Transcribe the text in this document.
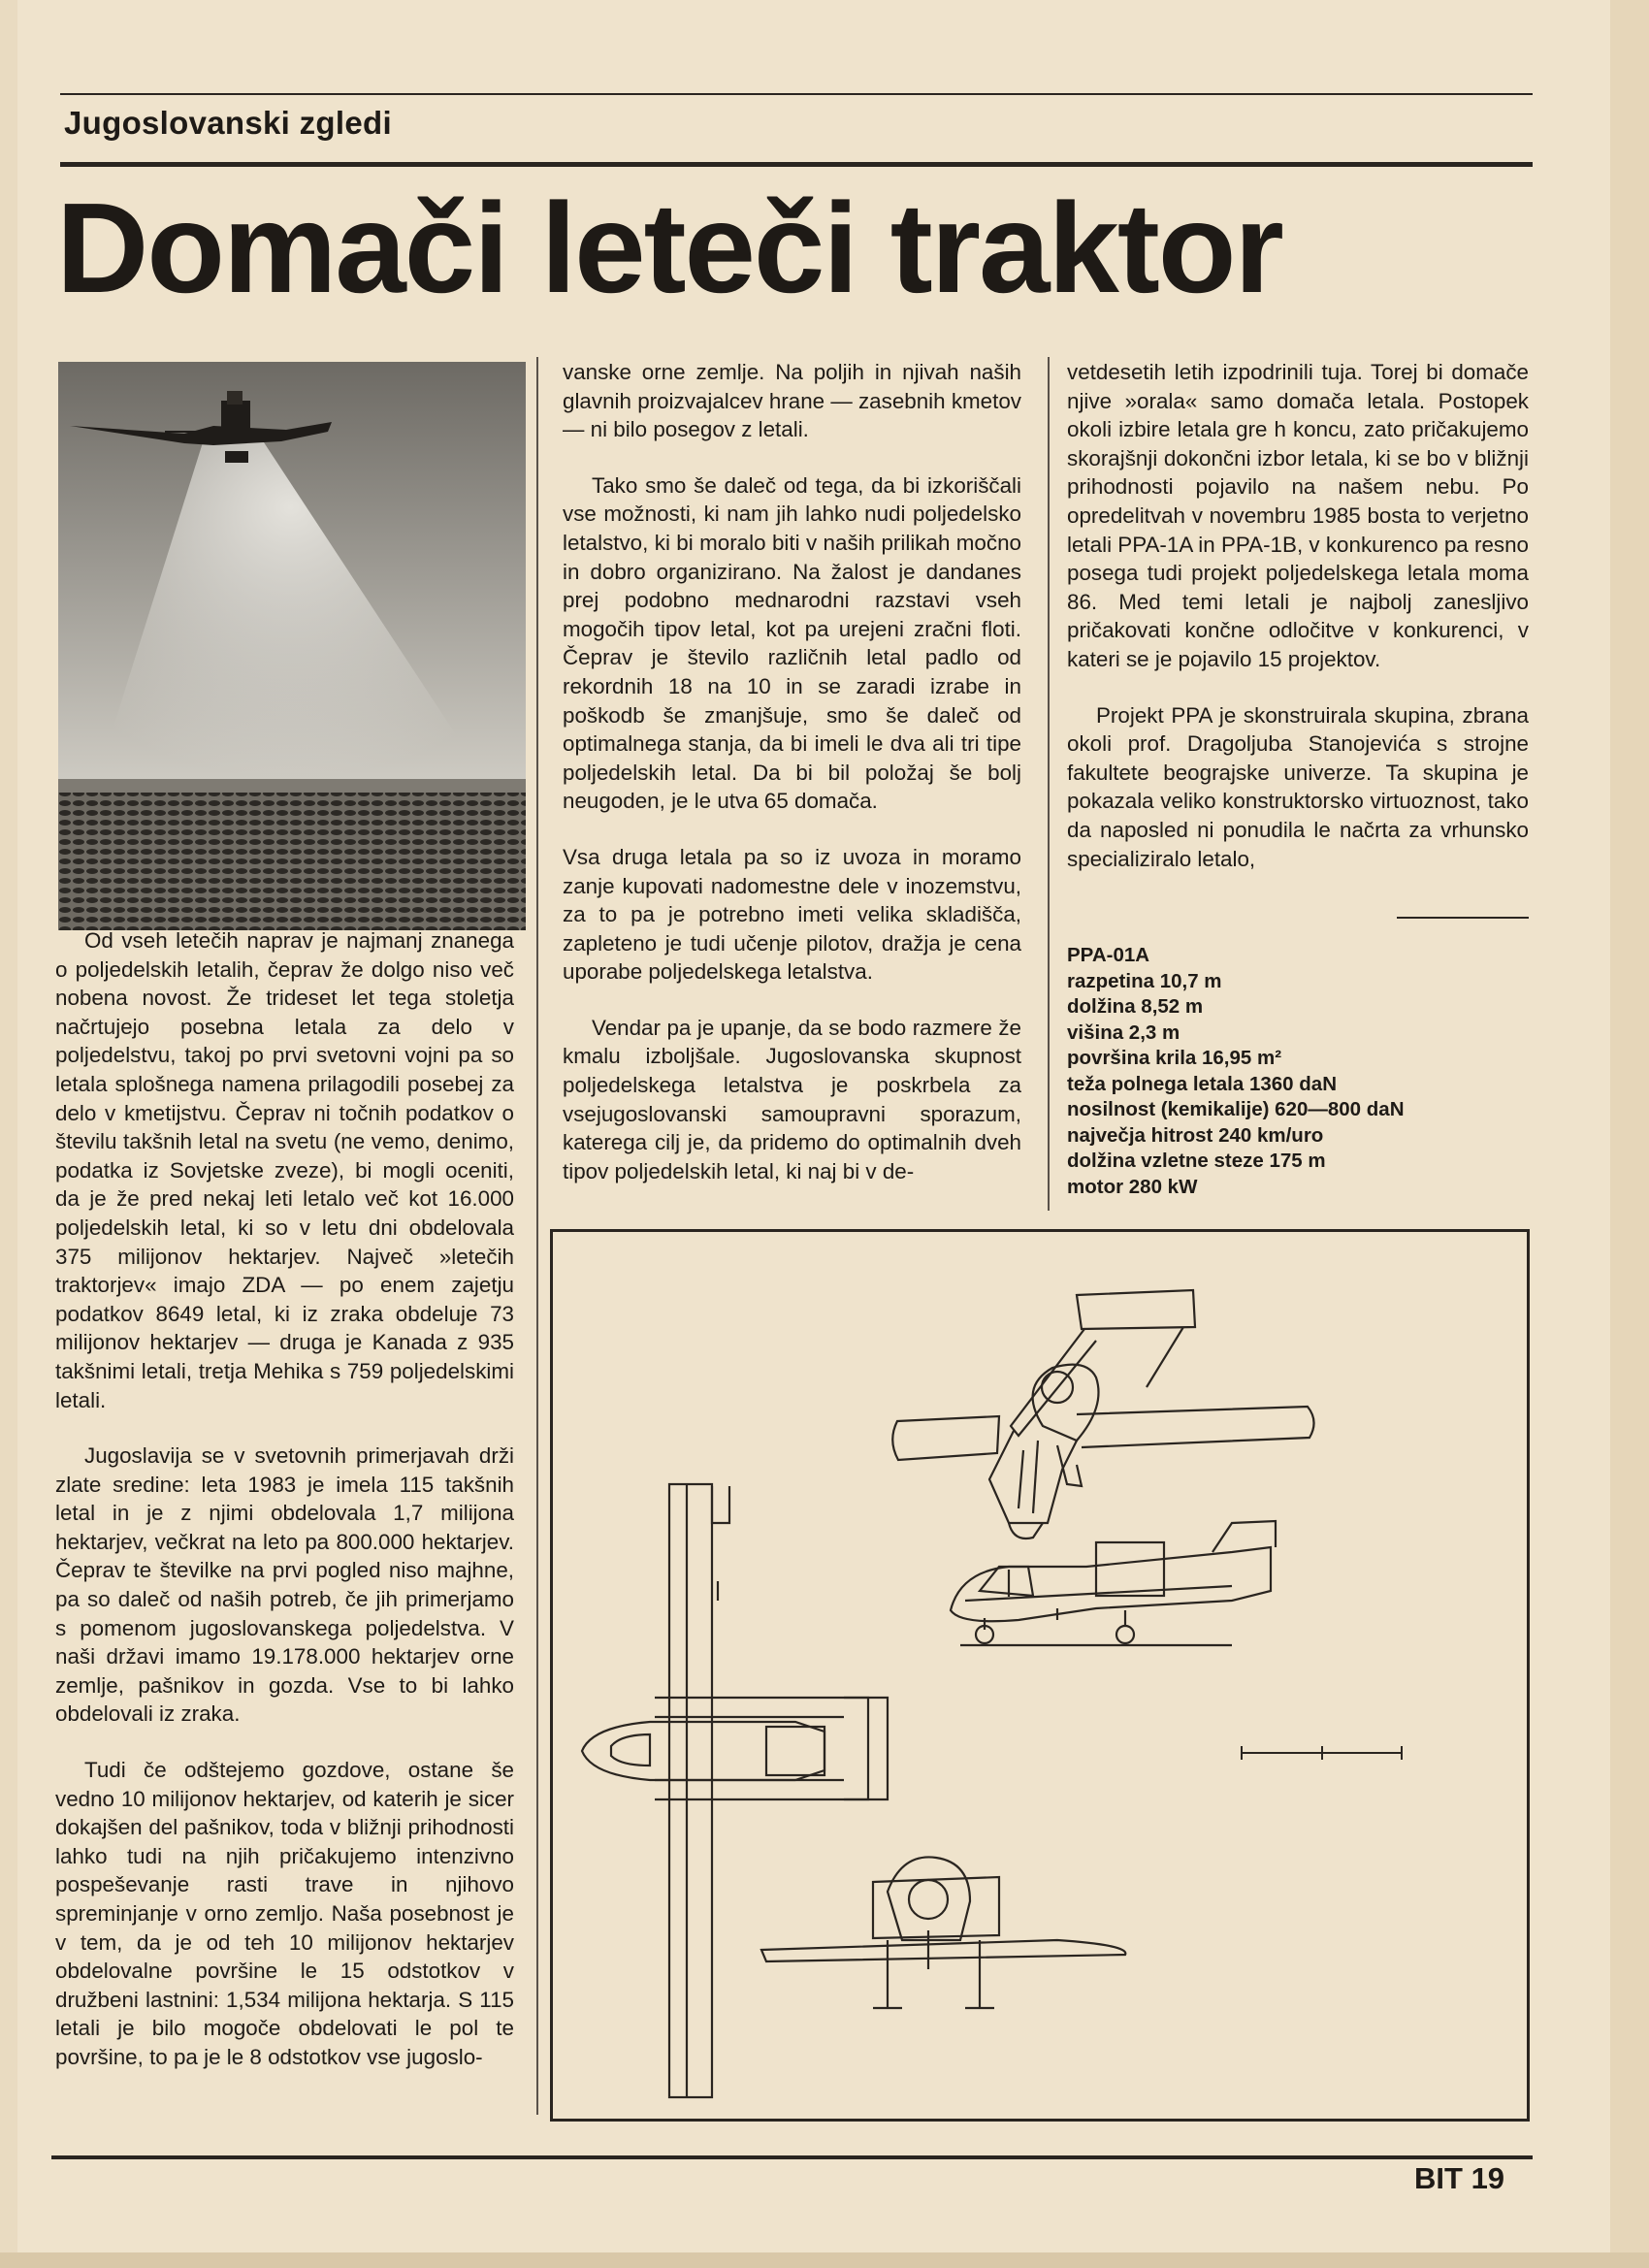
Jugoslovanski zgledi
Domači leteči traktor

Od vseh letečih naprav je najmanj znanega o poljedelskih letalih, čeprav že dolgo niso več nobena novost. Že trideset let tega stoletja načrtujejo posebna letala za delo v poljedelstvu, takoj po prvi svetovni vojni pa so letala splošnega namena prilagodili posebej za delo v kmetijstvu. Čeprav ni točnih podatkov o številu takšnih letal na svetu (ne vemo, denimo, podatka iz Sovjetske zveze), bi mogli oceniti, da je že pred nekaj leti letalo več kot 16.000 poljedelskih letal, ki so v letu dni obdelovala 375 milijonov hektarjev. Največ »letečih traktorjev« imajo ZDA — po enem zajetju podatkov 8649 letal, ki iz zraka obdeluje 73 milijonov hektarjev — druga je Kanada z 935 takšnimi letali, tretja Mehika s 759 poljedelskimi letali.

Jugoslavija se v svetovnih primerjavah drži zlate sredine: leta 1983 je imela 115 takšnih letal in je z njimi obdelovala 1,7 milijona hektarjev, večkrat na leto pa 800.000 hektarjev. Čeprav te številke na prvi pogled niso majhne, pa so daleč od naših potreb, če jih primerjamo s pomenom jugoslovanskega poljedelstva. V naši državi imamo 19.178.000 hektarjev orne zemlje, pašnikov in gozda. Vse to bi lahko obdelovali iz zraka.

Tudi če odštejemo gozdove, ostane še vedno 10 milijonov hektarjev, od katerih je sicer dokajšen del pašnikov, toda v bližnji prihodnosti lahko tudi na njih pričakujemo intenzivno pospeševanje rasti trave in njihovo spreminjanje v orno zemljo. Naša posebnost je v tem, da je od teh 10 milijonov hektarjev obdelovalne površine le 15 odstotkov v družbeni lastnini: 1,534 milijona hektarja. S 115 letali je bilo mogoče obdelovati le pol te površine, to pa je le 8 odstotkov vse jugoslo-

vanske orne zemlje. Na poljih in njivah naših glavnih proizvajalcev hrane — zasebnih kmetov — ni bilo posegov z letali.

Tako smo še daleč od tega, da bi izkoriščali vse možnosti, ki nam jih lahko nudi poljedelsko letalstvo, ki bi moralo biti v naših prilikah močno in dobro organizirano. Na žalost je dandanes prej podobno mednarodni razstavi vseh mogočih tipov letal, kot pa urejeni zračni floti. Čeprav je število različnih letal padlo od rekordnih 18 na 10 in se zaradi izrabe in poškodb še zmanjšuje, smo še daleč od optimalnega stanja, da bi imeli le dva ali tri tipe poljedelskih letal. Da bi bil položaj še bolj neugoden, je le utva 65 domača.

Vsa druga letala pa so iz uvoza in moramo zanje kupovati nadomestne dele v inozemstvu, za to pa je potrebno imeti velika skladišča, zapleteno je tudi učenje pilotov, dražja je cena uporabe poljedelskega letalstva.

Vendar pa je upanje, da se bodo razmere že kmalu izboljšale. Jugoslovanska skupnost poljedelskega letalstva je poskrbela za vsejugoslovanski samoupravni sporazum, katerega cilj je, da pridemo do optimalnih dveh tipov poljedelskih letal, ki naj bi v de-

vetdesetih letih izpodrinili tuja. Torej bi domače njive »orala« samo domača letala. Postopek okoli izbire letala gre h koncu, zato pričakujemo skorajšnji dokončni izbor letala, ki se bo v bližnji prihodnosti pojavilo na našem nebu. Po opredelitvah v novembru 1985 bosta to verjetno letali PPA-1A in PPA-1B, v konkurenco pa resno posega tudi projekt poljedelskega letala moma 86. Med temi letali je najbolj zanesljivo pričakovati končne odločitve v konkurenci, v kateri se je pojavilo 15 projektov.

Projekt PPA je skonstruirala skupina, zbrana okoli prof. Dragoljuba Stanojevića s strojne fakultete beograjske univerze. Ta skupina je pokazala veliko konstruktorsko virtuoznost, tako da naposled ni ponudila le načrta za vrhunsko specializiralo letalo,

PPA-01A
razpetina 10,7 m
dolžina 8,52 m
višina 2,3 m
površina krila 16,95 m²
teža polnega letala 1360 daN
nosilnost (kemikalije) 620—800 daN
največja hitrost 240 km/uro
dolžina vzletne steze 175 m
motor 280 kW
BIT 19
